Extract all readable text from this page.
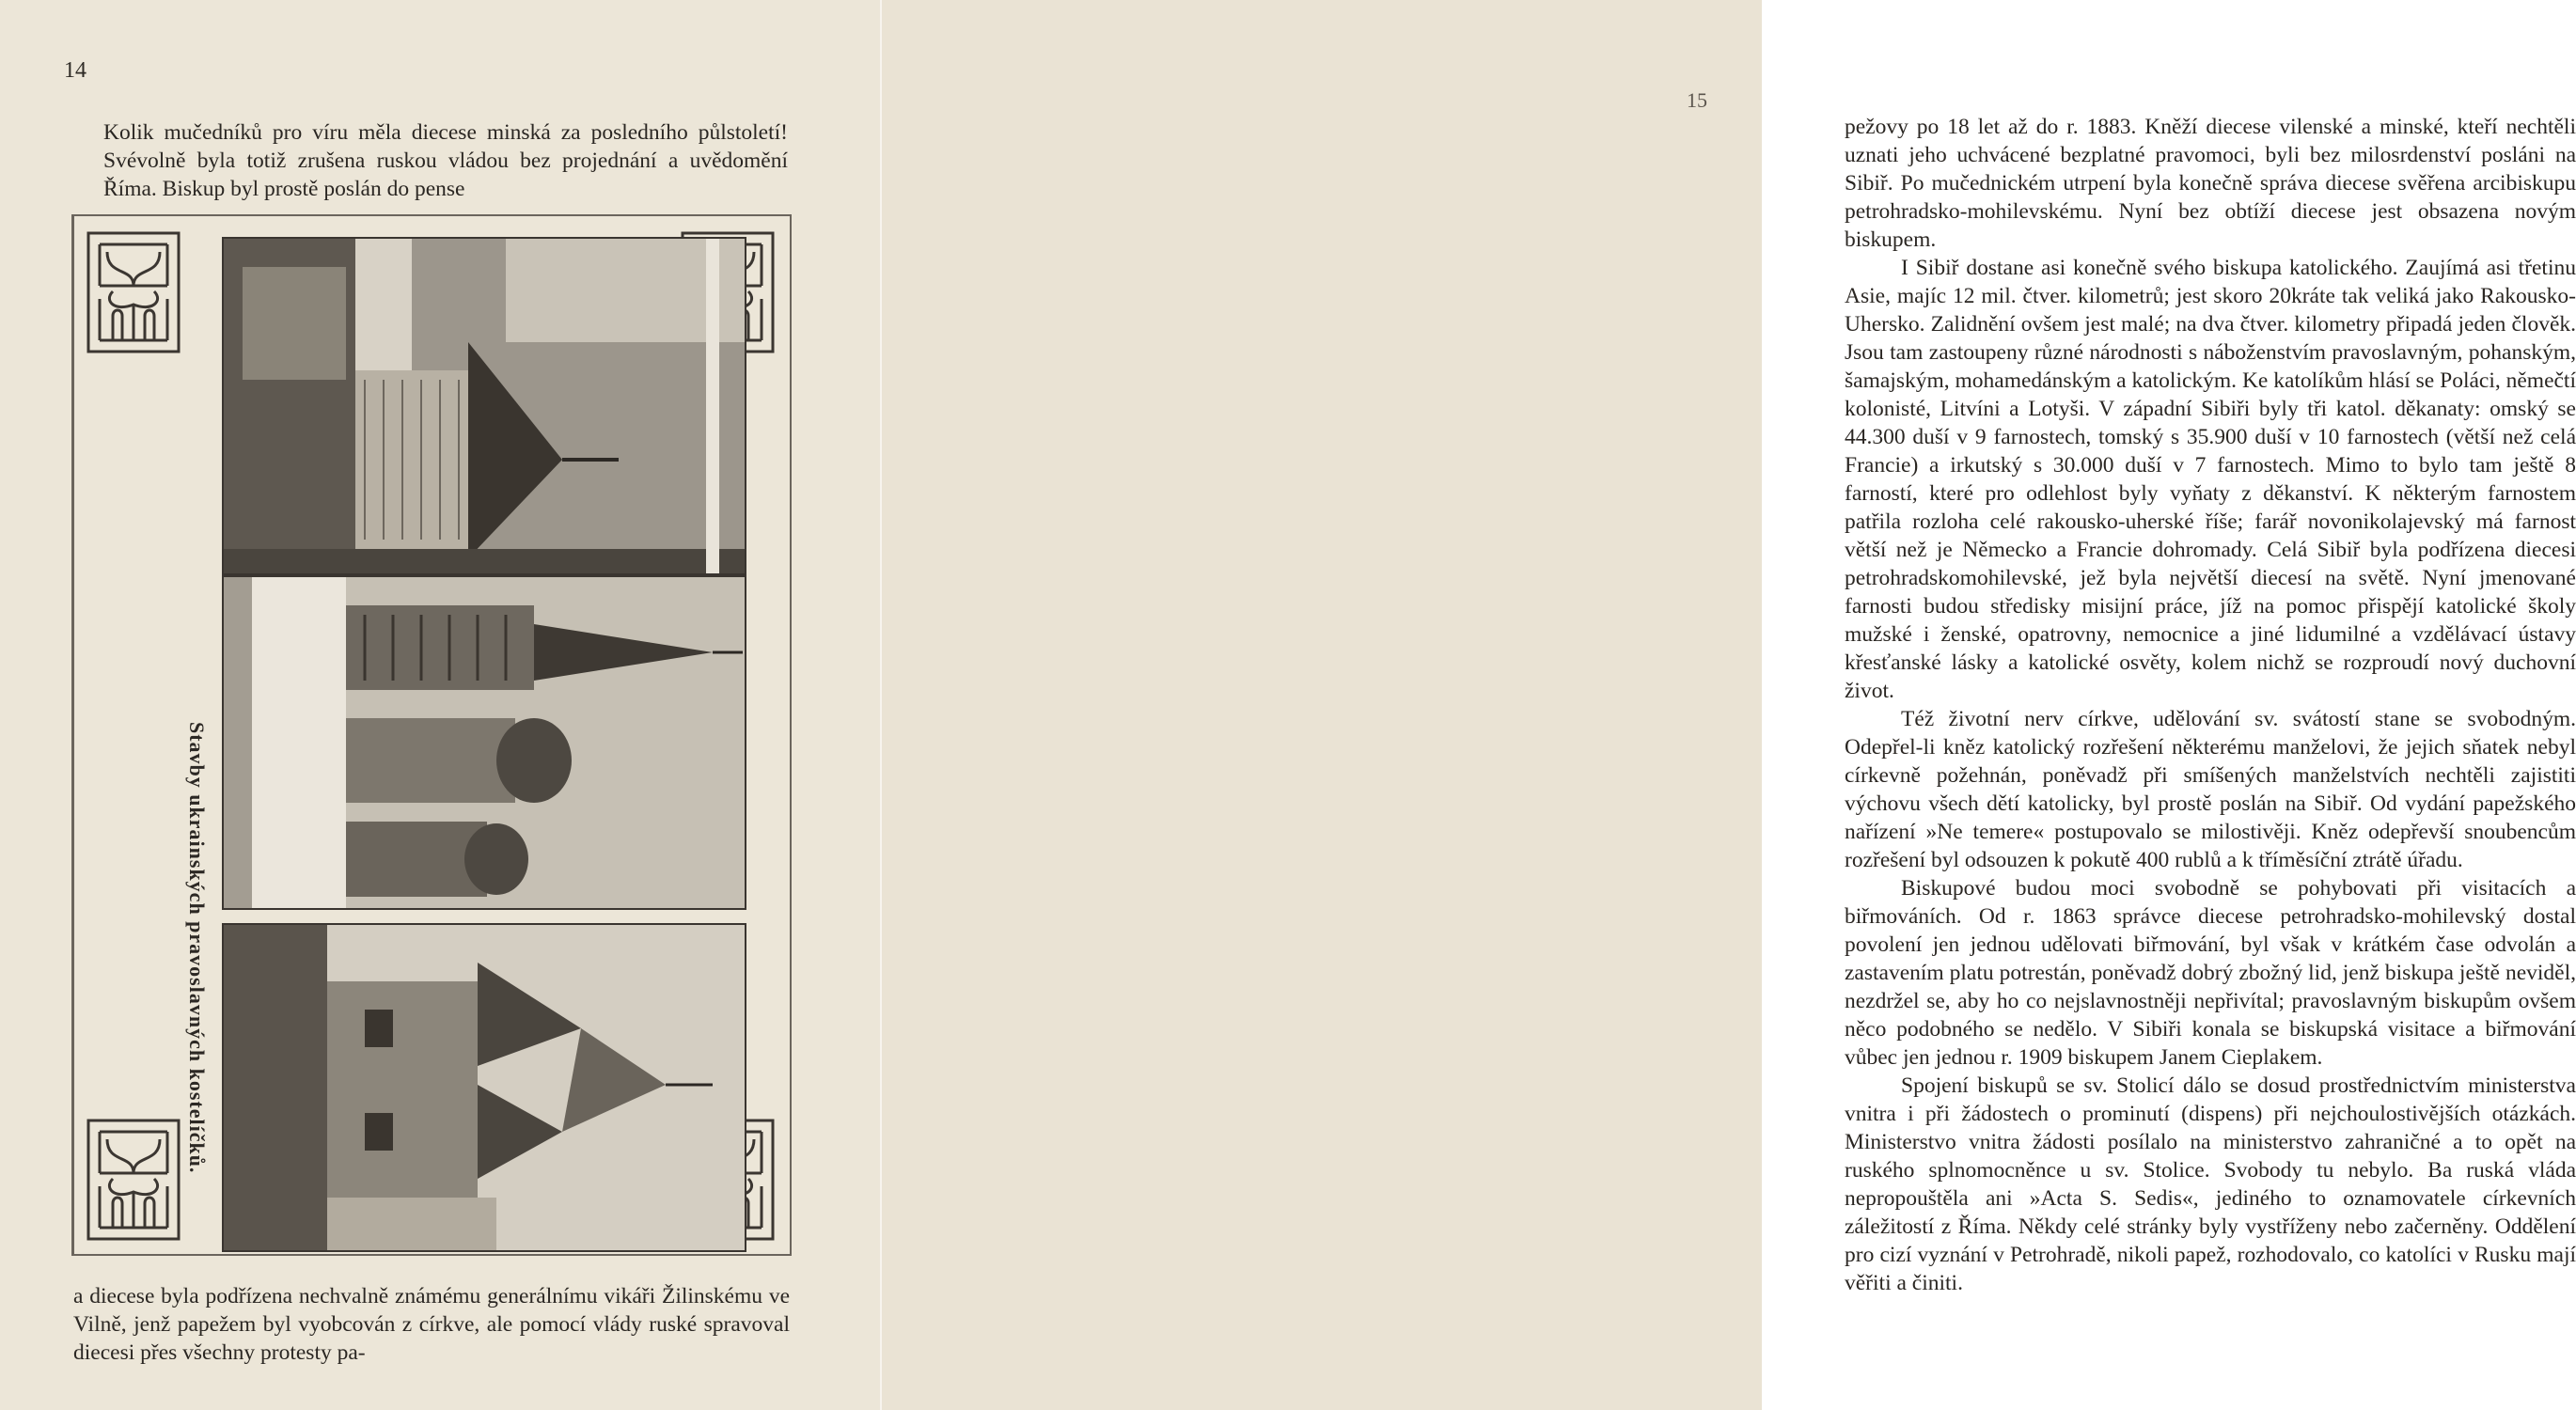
14

Kolik mučedníků pro víru měla diecese minská za posledního půlstoletí! Svévolně byla totiž zrušena ruskou vládou bez projednání a uvědomění Říma. Biskup byl prostě poslán do pense

Stavby ukrainských pravoslavných kostelíčků.

a diecese byla podřízena nechvalně známému generálnímu vikáři Žilinskému ve Vilně, jenž papežem byl vyobcován z církve, ale pomocí vlády ruské spravoval diecesi přes všechny protesty pa-

15

pežovy po 18 let až do r. 1883. Kněží diecese vilenské a minské, kteří nechtěli uznati jeho uchvácené bezplatné pravomoci, byli bez milosrdenství posláni na Sibiř. Po mučednickém utrpení byla konečně správa diecese svěřena arcibiskupu petrohradsko-mohilevskému. Nyní bez obtíží diecese jest obsazena novým biskupem.

I Sibiř dostane asi konečně svého biskupa katolického. Zaujímá asi třetinu Asie, majíc 12 mil. čtver. kilometrů; jest skoro 20kráte tak veliká jako Rakousko-Uhersko. Zalidnění ovšem jest malé; na dva čtver. kilometry připadá jeden člověk. Jsou tam zastoupeny různé národnosti s náboženstvím pravoslavným, pohanským, šamajským, mohamedánským a katolickým. Ke katolíkům hlásí se Poláci, němečtí kolonisté, Litvíni a Lotyši. V západní Sibiři byly tři katol. děkanaty: omský se 44.300 duší v 9 farnostech, tomský s 35.900 duší v 10 farnostech (větší než celá Francie) a irkutský s 30.000 duší v 7 farnostech. Mimo to bylo tam ještě 8 farností, které pro odlehlost byly vyňaty z děkanství. K některým farnostem patřila rozloha celé rakousko-uherské říše; farář novonikolajevský má farnost větší než je Německo a Francie dohromady. Celá Sibiř byla podřízena diecesi petrohradskomohilevské, jež byla největší diecesí na světě. Nyní jmenované farnosti budou středisky misijní práce, jíž na pomoc přispějí katolické školy mužské i ženské, opatrovny, nemocnice a jiné lidumilné a vzdělávací ústavy křesťanské lásky a katolické osvěty, kolem nichž se rozproudí nový duchovní život.

Též životní nerv církve, udělování sv. svátostí stane se svobodným. Odepřel-li kněz katolický rozřešení některému manželovi, že jejich sňatek nebyl církevně požehnán, poněvadž při smíšených manželstvích nechtěli zajistiti výchovu všech dětí katolicky, byl prostě poslán na Sibiř. Od vydání papežského nařízení »Ne temere« postupovalo se milostivěji. Kněz odepřevší snoubencům rozřešení byl odsouzen k pokutě 400 rublů a k tříměsíční ztrátě úřadu.

Biskupové budou moci svobodně se pohybovati při visitacích a biřmováních. Od r. 1863 správce diecese petrohradsko-mohilevský dostal povolení jen jednou udělovati biřmování, byl však v krátkém čase odvolán a zastavením platu potrestán, poněvadž dobrý zbožný lid, jenž biskupa ještě neviděl, nezdržel se, aby ho co nejslavnostněji nepřivítal; pravoslavným biskupům ovšem něco podobného se nedělo. V Sibiři konala se biskupská visitace a biřmování vůbec jen jednou r. 1909 biskupem Janem Cieplakem.

Spojení biskupů se sv. Stolicí dálo se dosud prostřednictvím ministerstva vnitra i při žádostech o prominutí (dispens) při nejchoulostivějších otázkách. Ministerstvo vnitra žádosti posílalo na ministerstvo zahraničné a to opět na ruského splnomocněnce u sv. Stolice. Svobody tu nebylo. Ba ruská vláda nepropouštěla ani »Acta S. Sedis«, jediného to oznamovatele církevních záležitostí z Říma. Někdy celé stránky byly vystříženy nebo začerněny. Oddělení pro cizí vyznání v Petrohradě, nikoli papež, rozhodovalo, co katolíci v Rusku mají věřiti a činiti.
